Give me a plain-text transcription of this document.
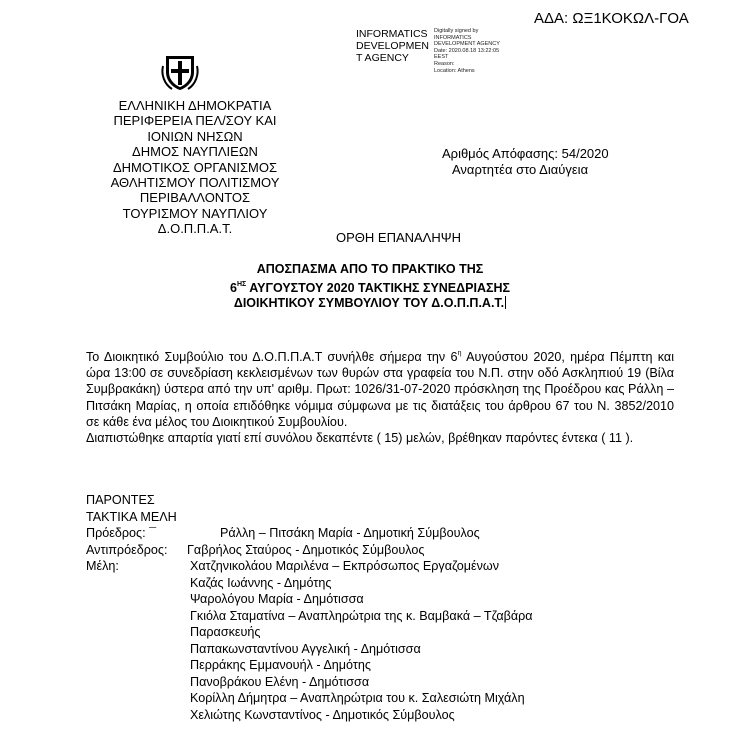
ΑΔΑ: ΩΞ1ΚΟΚΩΛ-ΓΟΑ
INFORMATICS
DEVELOPMEN
T AGENCY
Digitally signed by
INFORMATICS
DEVELOPMENT AGENCY
Date: 2020.08.18 13:22:05
EEST
Reason:
Location: Athens
ΕΛΛΗΝΙΚΗ ΔΗΜΟΚΡΑΤΙΑ
ΠΕΡΙΦΕΡΕΙΑ ΠΕΛ/ΣΟΥ ΚΑΙ
ΙΟΝΙΩΝ ΝΗΣΩΝ
ΔΗΜΟΣ ΝΑΥΠΛΙΕΩΝ
ΔΗΜΟΤΙΚΟΣ ΟΡΓΑΝΙΣΜΟΣ
ΑΘΛΗΤΙΣΜΟΥ ΠΟΛΙΤΙΣΜΟΥ
ΠΕΡΙΒΑΛΛΟΝΤΟΣ
ΤΟΥΡΙΣΜΟΥ ΝΑΥΠΛΙΟΥ
Δ.Ο.Π.Π.Α.Τ.
Αριθμός Απόφασης: 54/2020
Αναρτητέα στο Διαύγεια
ΟΡΘΗ ΕΠΑΝΑΛΗΨΗ
ΑΠΟΣΠΑΣΜΑ ΑΠΟ ΤΟ ΠΡΑΚΤΙΚΟ ΤΗΣ
$6^{H\Sigma}$ ΑΥΓΟΥΣΤΟΥ 2020 ΤΑΚΤΙΚΗΣ ΣΥΝΕΔΡΙΑΣΗΣ
ΔΙΟΙΚΗΤΙΚΟΥ ΣΥΜΒΟΥΛΙΟΥ ΤΟΥ Δ.Ο.Π.Π.Α.Τ.

Το Διοικητικό Συμβούλιο του Δ.Ο.Π.Π.Α.Τ συνήλθε σήμερα την $6^\eta$ Αυγούστου 2020, ημέρα Πέμπτη και ώρα 13:00 σε συνεδρίαση κεκλεισμένων των θυρών στα γραφεία του Ν.Π. στην οδό Ασκληπιού 19 (Βίλα Συμβρακάκη) ύστερα από την υπ' αριθμ. Πρωτ: 1026/31-07-2020 πρόσκληση της Προέδρου κας Ράλλη – Πιτσάκη Μαρίας, η οποία επιδόθηκε νόμιμα σύμφωνα με τις διατάξεις του άρθρου 67 του Ν. 3852/2010 σε κάθε ένα μέλος του Διοικητικού Συμβουλίου.

Διαπιστώθηκε απαρτία γιατί επί συνόλου δεκαπέντε ( 15) μελών, βρέθηκαν παρόντες έντεκα ( 11 ).

ΠΑΡΟΝΤΕΣ
ΤΑΚΤΙΚΑ ΜΕΛΗ
Πρόεδρος: ¯	Ράλλη – Πιτσάκη Μαρία - Δημοτική Σύμβουλος
Αντιπρόεδρος: Γαβρήλος Σταύρος - Δημοτικός Σύμβουλος
Μέλη:	Χατζηνικολάου Μαριλένα – Εκπρόσωπος Εργαζομένων
Καζάς Ιωάννης - Δημότης
Ψαρολόγου Μαρία - Δημότισσα
Γκιόλα Σταματίνα – Αναπληρώτρια της κ. Βαμβακά – Τζαβάρα
Παρασκευής
Παπακωνσταντίνου Αγγελική - Δημότισσα
Περράκης Εμμανουήλ - Δημότης
Πανοβράκου Ελένη - Δημότισσα
Κορίλλη Δήμητρα – Αναπληρώτρια του κ. Σαλεσιώτη Μιχάλη
Χελιώτης Κωνσταντίνος - Δημοτικός Σύμβουλος
